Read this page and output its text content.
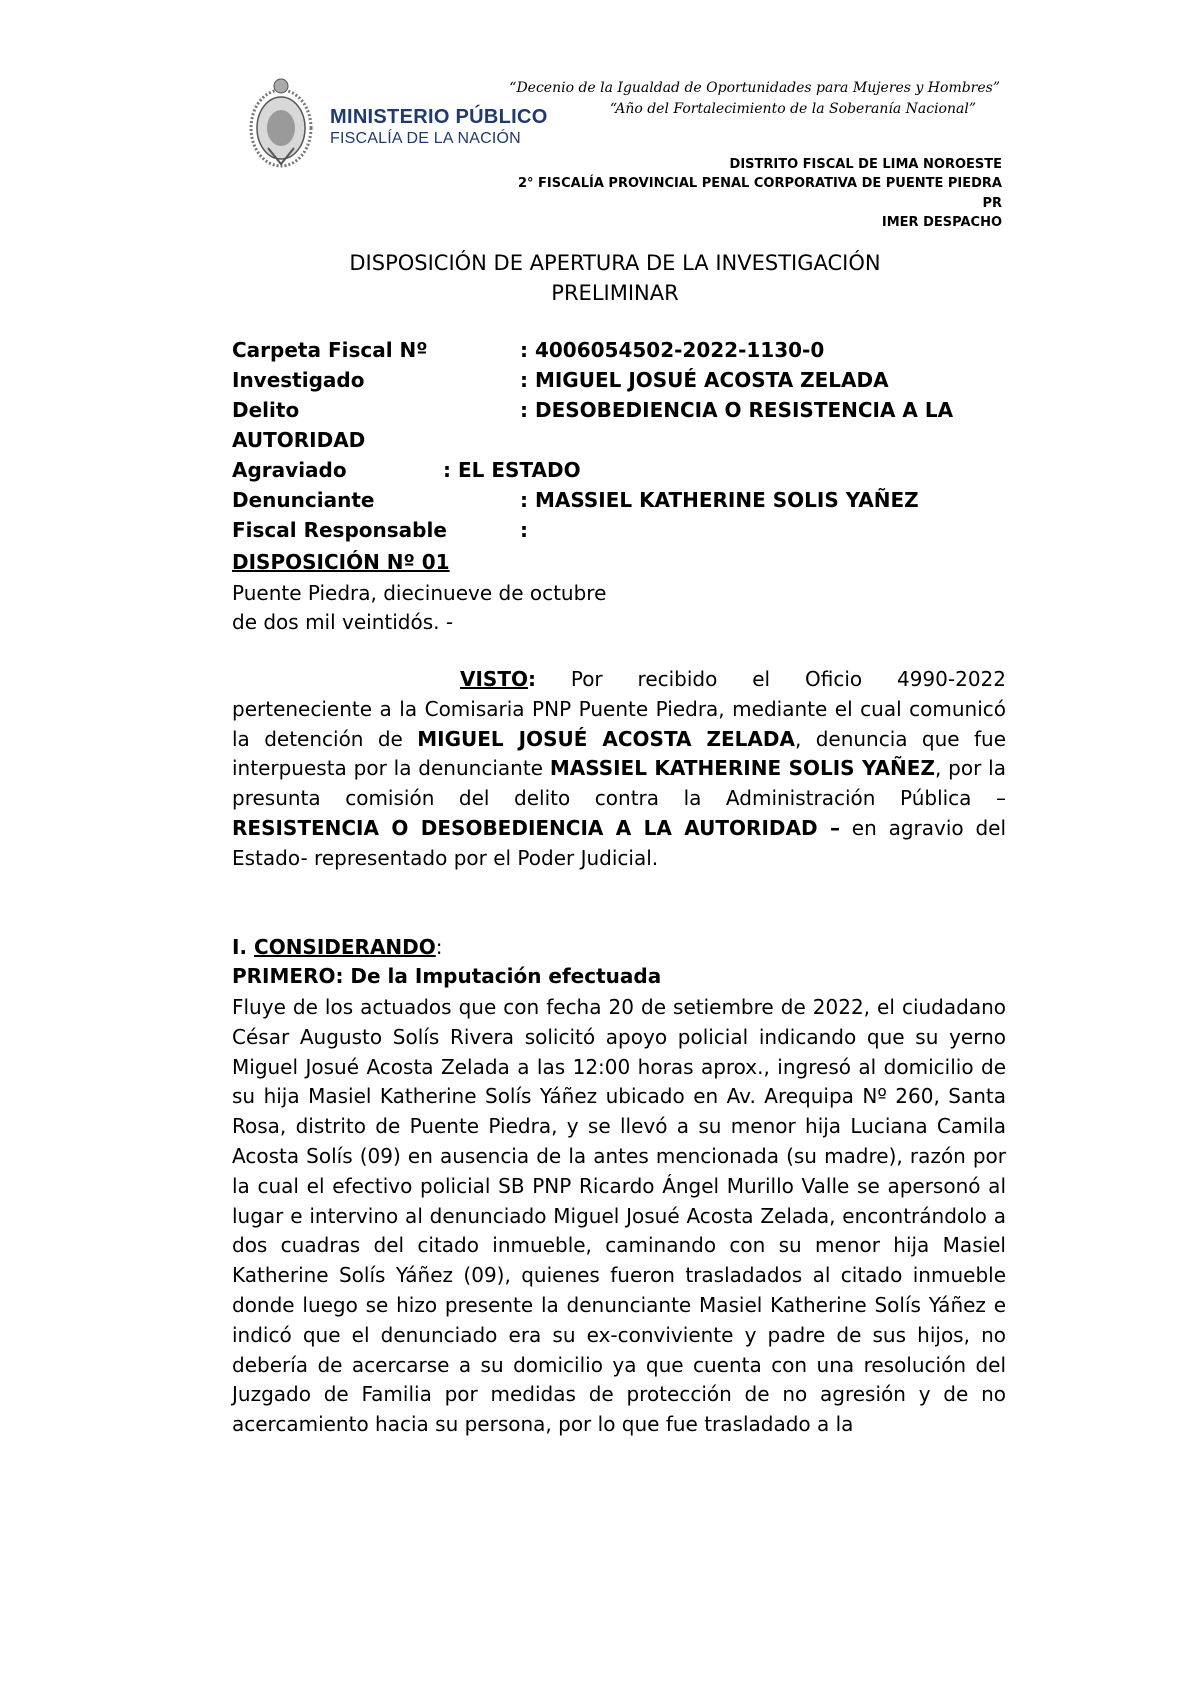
MINISTERIO PÚBLICO
FISCALÍA DE LA NACIÓN
“Decenio de la Igualdad de Oportunidades para Mujeres y Hombres”
“Año del Fortalecimiento de la Soberanía Nacional”
DISTRITO FISCAL DE LIMA NOROESTE
2° FISCALÍA PROVINCIAL PENAL CORPORATIVA DE PUENTE PIEDRA
PR
IMER DESPACHO
DISPOSICIÓN DE APERTURA DE LA INVESTIGACIÓN
PRELIMINAR
Carpeta Fiscal Nº	: 4006054502-2022-1130-0
Investigado	: MIGUEL JOSUÉ ACOSTA ZELADA
Delito	: DESOBEDIENCIA O RESISTENCIA A LA
AUTORIDAD
Agraviado	: EL ESTADO
Denunciante	: MASSIEL KATHERINE SOLIS YAÑEZ
Fiscal Responsable	:
DISPOSICIÓN Nº 01
Puente Piedra, diecinueve de octubre
de dos mil veintidós. -
VISTO: Por recibido el Oficio 4990-2022 perteneciente a la Comisaria PNP Puente Piedra, mediante el cual comunicó la detención de MIGUEL JOSUÉ ACOSTA ZELADA, denuncia que fue interpuesta por la denunciante MASSIEL KATHERINE SOLIS YAÑEZ, por la presunta comisión del delito contra la Administración Pública – RESISTENCIA O DESOBEDIENCIA A LA AUTORIDAD – en agravio del Estado- representado por el Poder Judicial.
I. CONSIDERANDO:
PRIMERO: De la Imputación efectuada
Fluye de los actuados que con fecha 20 de setiembre de 2022, el ciudadano César Augusto Solís Rivera solicitó apoyo policial indicando que su yerno Miguel Josué Acosta Zelada a las 12:00 horas aprox., ingresó al domicilio de su hija Masiel Katherine Solís Yáñez ubicado en Av. Arequipa Nº 260, Santa Rosa, distrito de Puente Piedra, y se llevó a su menor hija Luciana Camila Acosta Solís (09) en ausencia de la antes mencionada (su madre), razón por la cual el efectivo policial SB PNP Ricardo Ángel Murillo Valle se apersonó al lugar e intervino al denunciado Miguel Josué Acosta Zelada, encontrándolo a dos cuadras del citado inmueble, caminando con su menor hija Masiel Katherine Solís Yáñez (09), quienes fueron trasladados al citado inmueble donde luego se hizo presente la denunciante Masiel Katherine Solís Yáñez e indicó que el denunciado era su ex-conviviente y padre de sus hijos, no debería de acercarse a su domicilio ya que cuenta con una resolución del Juzgado de Familia por medidas de protección de no agresión y de no acercamiento hacia su persona, por lo que fue trasladado a la
